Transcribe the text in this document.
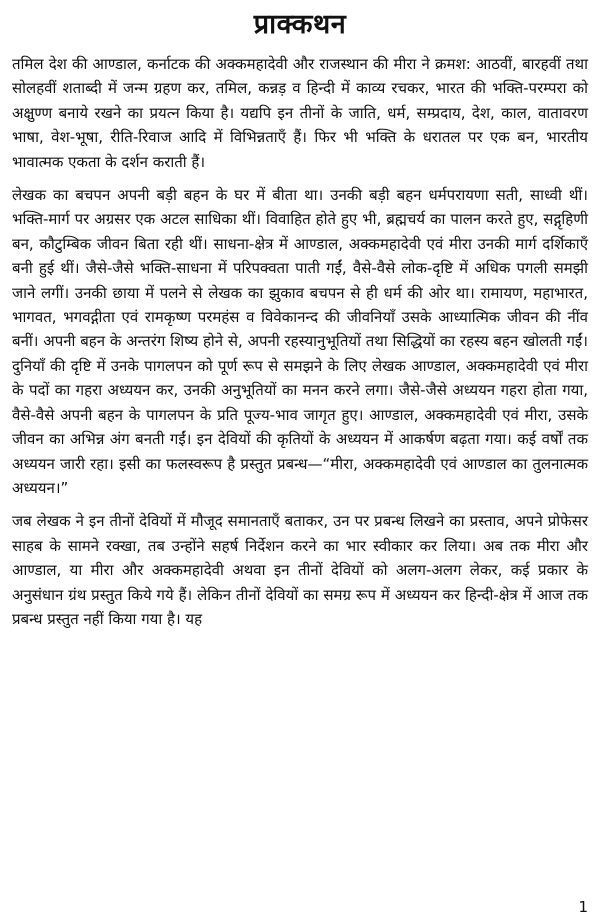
प्राक्कथन

तमिल देश की आण्डाल, कर्नाटक की अक्कमहादेवी और राजस्थान की मीरा ने क्रमश: आठवीं, बारहवीं तथा सोलहवीं शताब्दी में जन्म ग्रहण कर, तमिल, कन्नड़ व हिन्दी में काव्य रचकर, भारत की भक्ति-परम्परा को अक्षुण्ण बनाये रखने का प्रयत्न किया है। यद्यपि इन तीनों के जाति, धर्म, सम्प्रदाय, देश, काल, वातावरण भाषा, वेश-भूषा, रीति-रिवाज आदि में विभिन्नताएँ हैं। फिर भी भक्ति के धरातल पर एक बन, भारतीय भावात्मक एकता के दर्शन कराती हैं।

लेखक का बचपन अपनी बड़ी बहन के घर में बीता था। उनकी बड़ी बहन धर्मपरायणा सती, साध्वी थीं। भक्ति-मार्ग पर अग्रसर एक अटल साधिका थीं। विवाहित होते हुए भी, ब्रह्मचर्य का पालन करते हुए, सद्गृहिणी बन, कौटुम्बिक जीवन बिता रही थीं। साधना-क्षेत्र में आण्डाल, अक्कमहादेवी एवं मीरा उनकी मार्ग दर्शिकाएँ बनी हुई थीं। जैसे-जैसे भक्ति-साधना में परिपक्वता पाती गईं, वैसे-वैसे लोक-दृष्टि में अधिक पगली समझी जाने लगीं। उनकी छाया में पलने से लेखक का झुकाव बचपन से ही धर्म की ओर था। रामायण, महाभारत, भागवत, भगवद्गीता एवं रामकृष्ण परमहंस व विवेकानन्द की जीवनियाँ उसके आध्यात्मिक जीवन की नींव बनीं। अपनी बहन के अन्तरंग शिष्य होने से, अपनी रहस्यानुभूतियों तथा सिद्धियों का रहस्य बहन खोलती गईं। दुनियाँ की दृष्टि में उनके पागलपन को पूर्ण रूप से समझने के लिए लेखक आण्डाल, अक्कमहादेवी एवं मीरा के पदों का गहरा अध्ययन कर, उनकी अनुभूतियों का मनन करने लगा। जैसे-जैसे अध्ययन गहरा होता गया, वैसे-वैसे अपनी बहन के पागलपन के प्रति पूज्य-भाव जागृत हुए। आण्डाल, अक्कमहादेवी एवं मीरा, उसके जीवन का अभिन्न अंग बनती गईं। इन देवियों की कृतियों के अध्ययन में आकर्षण बढ़ता गया। कई वर्षों तक अध्ययन जारी रहा। इसी का फलस्वरूप है प्रस्तुत प्रबन्ध—“मीरा, अक्कमहादेवी एवं आण्डाल का तुलनात्मक अध्ययन।”

जब लेखक ने इन तीनों देवियों में मौजूद समानताएँ बताकर, उन पर प्रबन्ध लिखने का प्रस्ताव, अपने प्रोफेसर साहब के सामने रक्खा, तब उन्होंने सहर्ष निर्देशन करने का भार स्वीकार कर लिया। अब तक मीरा और आण्डाल, या मीरा और अक्कमहादेवी अथवा इन तीनों देवियों को अलग-अलग लेकर, कई प्रकार के अनुसंधान ग्रंथ प्रस्तुत किये गये हैं। लेकिन तीनों देवियों का समग्र रूप में अध्ययन कर हिन्दी-क्षेत्र में आज तक प्रबन्ध प्रस्तुत नहीं किया गया है। यह

1
